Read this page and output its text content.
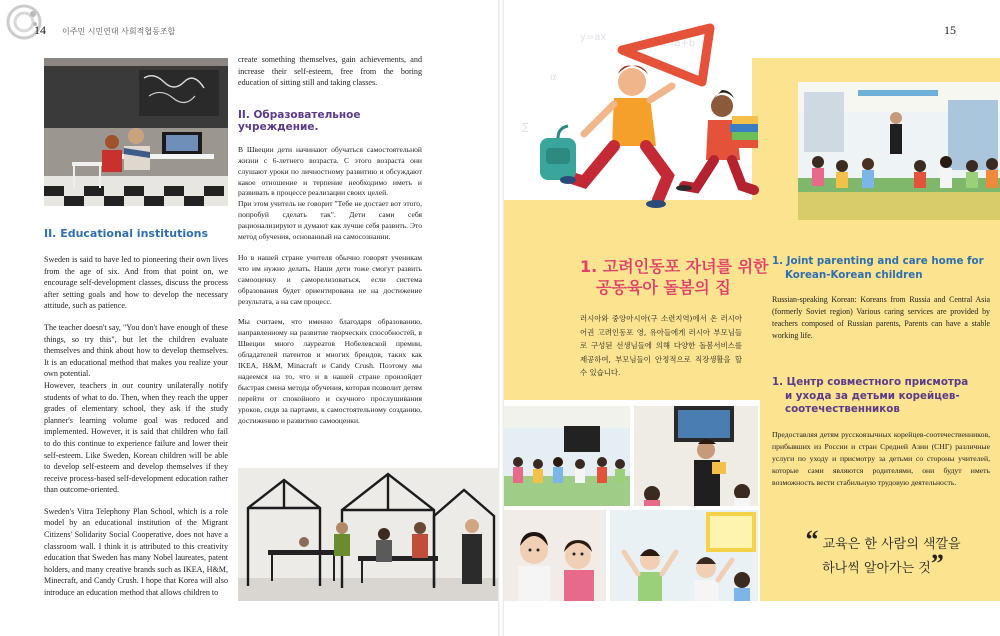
14 이주민 시민연대 사회적협동조합
II. Educational institutions

Sweden is said to have led to pioneering their own lives from the age of six. And from that point on, we encourage self-development classes, discuss the process after setting goals and how to develop the necessary attitude, such as patience.

The teacher doesn't say, "You don't have enough of these things, so try this", but let the children evaluate themselves and think about how to develop themselves. It is an educational method that makes you realize your own potential.

However, teachers in our country unilaterally notify students of what to do. Then, when they reach the upper grades of elementary school, they ask if the study planner's learning volume goal was reduced and implemented. However, it is said that children who fail to do this continue to experience failure and lower their self-esteem. Like Sweden, Korean children will be able to develop self-esteem and develop themselves if they receive process-based self-development education rather than outcome-oriented.

Sweden's Vitra Telephony Plan School, which is a role model by an educational institution of the Migrant Citizens' Solidarity Social Cooperative, does not have a classroom wall. I think it is attributed to this creativity education that Sweden has many Nobel laureates, patent holders, and many creative brands such as IKEA, H&M, Minecraft, and Candy Crush. I hope that Korea will also introduce an education method that allows children to

create something themselves, gain achievements, and increase their self-esteem, free from the boring education of sitting still and taking classes.
II. Образовательное учреждение.

В Швеции дети начинают обучаться самостоятельной жизни с 6-летнего возраста. С этого возраста они слушают уроки по личностному развитию и обсуждают какое отношение и терпение необходимо иметь и развивать в процессе реализации своих целей.

При этом учитель не говорит "Тебе не достает вот этого, попробуй сделать так". Дети сами себя рационализируют и думают как лучше себя развить. Это метод обучения, основанный на самосознании.

Но в нашей стране учителя обычно говорят ученикам что им нужно делать. Наши дети тоже смогут развить самооценку и саморелизоваться, если система образования будет ориентирована не на достижение результата, а на сам процесс.

Мы считаем, что именно благодаря образованию, направленному на развитие творческих способностей, в Швеции много лауреатов Нобелевской премии, обладателей патентов и многих брендов, таких как IKEA, H&M, Minacraft и Candy Crush. Поэтому мы надеемся на то, что и в нашей стране произойдет быстрая смена метода обучения, которая позволит детям перейти от спокойного и скучного прослушивания уроков, сидя за партами, к самостоятельному созданию, достижению и развитию самооценки.

15
x=a+b
α
∑
y=ax
1. 고려인동포 자녀를 위한
공동육아 돌봄의 집
러시아와 중앙아시아(구 소련지역)에서 온 러시아어권 고려인동포 영, 유아들에게 러시아 부모님들로 구성된 선생님들에 의해 다양한 돌봄서비스를 제공하여, 부모님들이 안정적으로 직장생활을 할 수 있습니다.
1. Joint parenting and care home for
Korean-Korean children
Russian-speaking Korean: Koreans from Russia and Central Asia (formerly Soviet region) Various caring services are provided by teachers composed of Russian parents, Parents can have a stable working life.
1. Центр совместного присмотра
и ухода за детьми корейцев-
соотечественников
Предоставляя детям русскоязычных корейцев-соотечественников, прибывших из России и стран Средней Азии (СНГ) различные услуги по уходу и присмотру за детьми со стороны учителей, которые сами являются родителями, они будут иметь возможность вести стабильную трудовую деятельность.
“ 교육은 한 사람의 색깔을
하나씩 알아가는 것”
